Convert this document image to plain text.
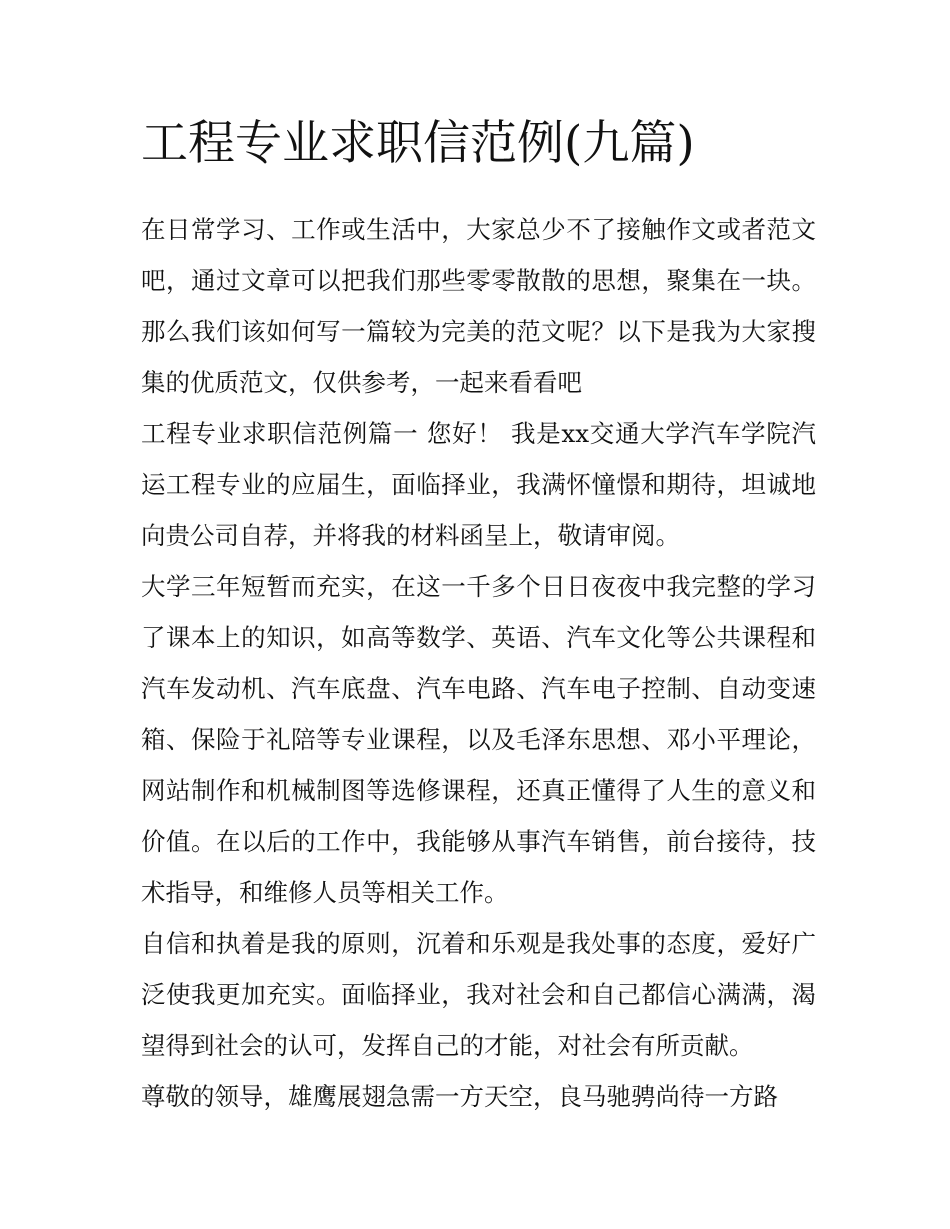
工程专业求职信范例(九篇)

在日常学习、工作或生活中，大家总少不了接触作文或者范文吧，通过文章可以把我们那些零零散散的思想，聚集在一块。那么我们该如何写一篇较为完美的范文呢？以下是我为大家搜集的优质范文，仅供参考，一起来看看吧

工程专业求职信范例篇一 您好！ 我是xx交通大学汽车学院汽运工程专业的应届生，面临择业，我满怀憧憬和期待，坦诚地向贵公司自荐，并将我的材料函呈上，敬请审阅。

大学三年短暂而充实，在这一千多个日日夜夜中我完整的学习了课本上的知识，如高等数学、英语、汽车文化等公共课程和汽车发动机、汽车底盘、汽车电路、汽车电子控制、自动变速箱、保险于礼陪等专业课程，以及毛泽东思想、邓小平理论，网站制作和机械制图等选修课程，还真正懂得了人生的意义和价值。在以后的工作中，我能够从事汽车销售，前台接待，技术指导，和维修人员等相关工作。

自信和执着是我的原则，沉着和乐观是我处事的态度，爱好广泛使我更加充实。面临择业，我对社会和自己都信心满满，渴望得到社会的认可，发挥自己的才能，对社会有所贡献。

尊敬的领导，雄鹰展翅急需一方天空，良马驰骋尚待一方路
